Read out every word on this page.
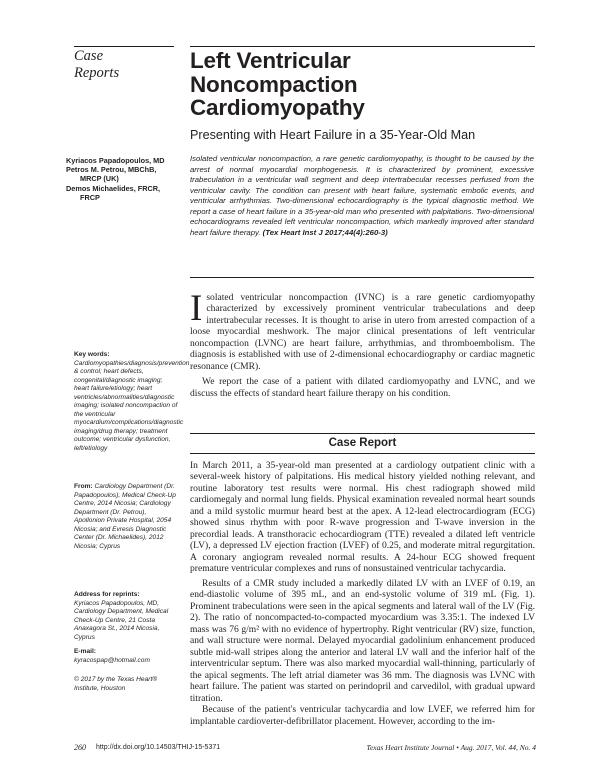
Case
Reports	Left Ventricular
Noncompaction
Cardiomyopathy
Presenting with Heart Failure in a 35-Year-Old Man
Kyriacos Papadopoulos, MD
Petros M. Petrou, MBChB,
MRCP (UK)
Demos Michaelides, FRCR,
FRCP
Isolated ventricular noncompaction, a rare genetic cardiomyopathy, is thought to be caused by the arrest of normal myocardial morphogenesis. It is characterized by prominent, excessive trabeculation in a ventricular wall segment and deep intertrabecular recesses perfused from the ventricular cavity. The condition can present with heart failure, systematic embolic events, and ventricular arrhythmias. Two-dimensional echocardiography is the typical diagnostic method. We report a case of heart failure in a 35-year-old man who presented with palpitations. Two-dimensional echocardiograms revealed left ventricular noncompaction, which markedly improved after standard heart failure therapy. (Tex Heart Inst J 2017;44(4):260-3)

Key words: Cardiomyopathies/diagnosis/prevention & control; heart defects, congenital/diagnostic imaging; heart failure/etiology; heart ventricles/abnormalities/diagnostic imaging; isolated noncompaction of the ventricular myocardium/complications/diagnostic imaging/drug therapy; treatment outcome; ventricular dysfunction, left/etiology

From: Cardiology Department (Dr. Papadopoulos), Medical Check-Up Centre, 2014 Nicosia; Cardiology Department (Dr. Petrou), Apollonion Private Hospital, 2054 Nicosia; and Evresis Diagnostic Center (Dr. Michaelides), 2012 Nicosia; Cyprus

Address for reprints:

Kyriacos Papadopoulos, MD, Cardiology Department, Medical Check-Up Centre, 21 Costa Anaxagora St., 2014 Nicosia, Cyprus

E-mail:

kyracospap@hotmail.com

© 2017 by the Texas Heart® Institute, Houston

Isolated ventricular noncompaction (IVNC) is a rare genetic cardiomyopathy characterized by excessively prominent ventricular trabeculations and deep intertrabecular recesses. It is thought to arise in utero from arrested compaction of a loose myocardial meshwork. The major clinical presentations of left ventricular noncompaction (LVNC) are heart failure, arrhythmias, and thromboembolism. The diagnosis is established with use of 2-dimensional echocardiography or cardiac magnetic resonance (CMR).

We report the case of a patient with dilated cardiomyopathy and LVNC, and we discuss the effects of standard heart failure therapy on his condition.

Case Report

In March 2011, a 35-year-old man presented at a cardiology outpatient clinic with a several-week history of palpitations. His medical history yielded nothing relevant, and routine laboratory test results were normal. His chest radiograph showed mild cardiomegaly and normal lung fields. Physical examination revealed normal heart sounds and a mild systolic murmur heard best at the apex. A 12-lead electrocardiogram (ECG) showed sinus rhythm with poor R-wave progression and T-wave inversion in the precordial leads. A transthoracic echocardiogram (TTE) revealed a dilated left ventricle (LV), a depressed LV ejection fraction (LVEF) of 0.25, and moderate mitral regurgitation. A coronary angiogram revealed normal results. A 24-hour ECG showed frequent premature ventricular complexes and runs of nonsustained ventricular tachycardia.

Results of a CMR study included a markedly dilated LV with an LVEF of 0.19, an end-diastolic volume of 395 mL, and an end-systolic volume of 319 mL (Fig. 1). Prominent trabeculations were seen in the apical segments and lateral wall of the LV (Fig. 2). The ratio of noncompacted-to-compacted myocardium was 3.35:1. The indexed LV mass was 76 g/m² with no evidence of hypertrophy. Right ventricular (RV) size, function, and wall structure were normal. Delayed myocardial gadolinium enhancement produced subtle mid-wall stripes along the anterior and lateral LV wall and the inferior half of the interventricular septum. There was also marked myocardial wall-thinning, particularly of the apical segments. The left atrial diameter was 36 mm. The diagnosis was LVNC with heart failure. The patient was started on perindopril and carvedilol, with gradual upward titration.

Because of the patient's ventricular tachycardia and low LVEF, we referred him for implantable cardioverter-defibrillator placement. However, according to the im-

260 http://dx.doi.org/10.14503/THIJ-15-5371	Texas Heart Institute Journal • Aug. 2017, Vol. 44, No. 4
